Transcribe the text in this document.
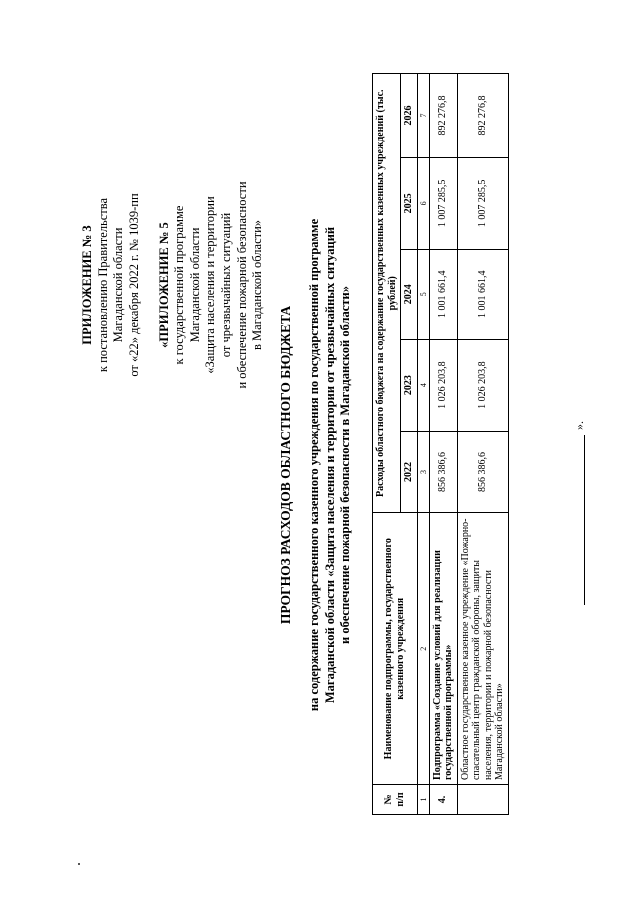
ПРИЛОЖЕНИЕ № 3 к постановлению Правительства Магаданской области от «22» декабря 2022 г. № 1039-пп «ПРИЛОЖЕНИЕ № 5 к государственной программе Магаданской области «Защита населения и территории от чрезвычайных ситуаций и обеспечение пожарной безопасности в Магаданской области»
ПРОГНОЗ РАСХОДОВ ОБЛАСТНОГО БЮДЖЕТА на содержание государственного казенного учреждения по государственной программе Магаданской области «Защита населения и территории от чрезвычайных ситуаций и обеспечение пожарной безопасности в Магаданской области»
№ п/п	Наименование подпрограммы, государственного казенного учреждения	Расходы областного бюджета на содержание государственных казенных учреждений (тыс. рублей)				
		2022	2023	2024	2025	2026
1	2	3	4	5	6	7
4.	Подпрограмма «Создание условий для реализации государственной программы»	856 386,6	1 026 203,8	1 001 661,4	1 007 285,5	892 276,8
	Областное государственное казенное учреждение «Пожарно-спасательный центр гражданской обороны, защиты населения, территории и пожарной безопасности Магаданской области»	856 386,6	1 026 203,8	1 001 661,4	1 007 285,5	892 276,8
».
